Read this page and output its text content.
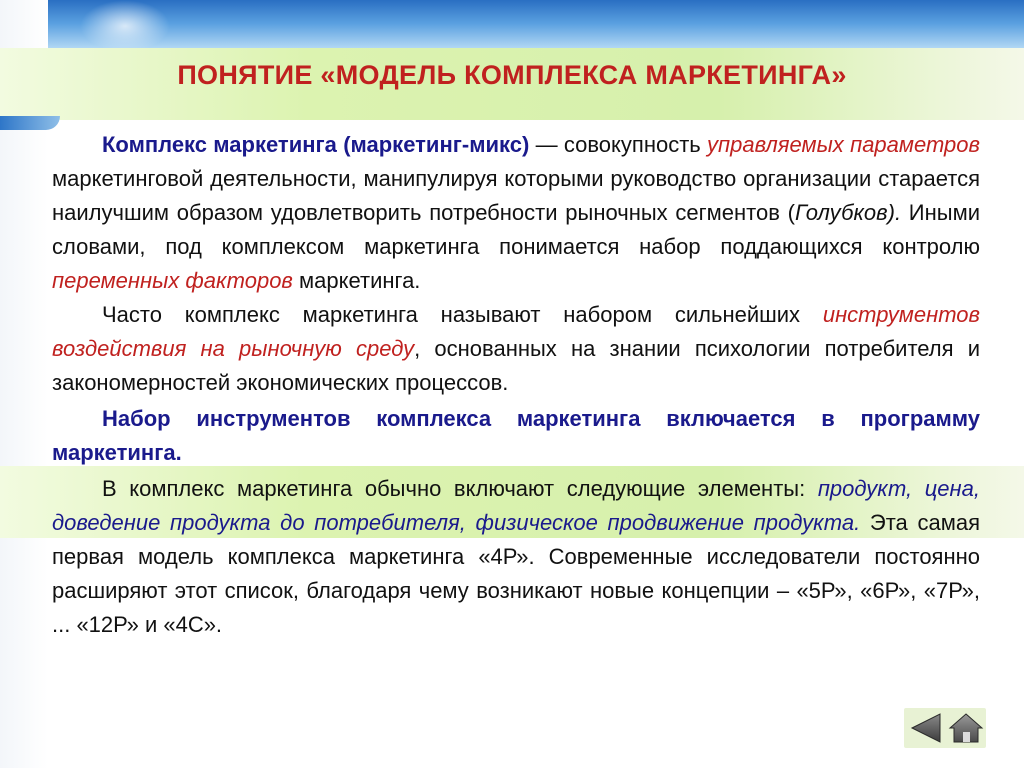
ПОНЯТИЕ «МОДЕЛЬ КОМПЛЕКСА МАРКЕТИНГА»

Комплекс маркетинга (маркетинг-микс) — совокупность управляемых параметров маркетинговой деятельности, манипулируя которыми руководство организации старается наилучшим образом удовлетворить потребности рыночных сегментов (Голубков). Иными словами, под комплексом маркетинга понимается набор поддающихся контролю переменных факторов маркетинга.

Часто комплекс маркетинга называют набором сильнейших инструментов воздействия на рыночную среду, основанных на знании психологии потребителя и закономерностей экономических процессов.

Набор инструментов комплекса маркетинга включается в программу маркетинга.

В комплекс маркетинга обычно включают следующие элементы: продукт, цена, доведение продукта до потребителя, физическое продвижение продукта. Эта самая первая модель комплекса маркетинга «4Р». Современные исследователи постоянно расширяют этот список, благодаря чему возникают новые концепции – «5Р», «6Р», «7Р», ... «12Р» и «4С».
